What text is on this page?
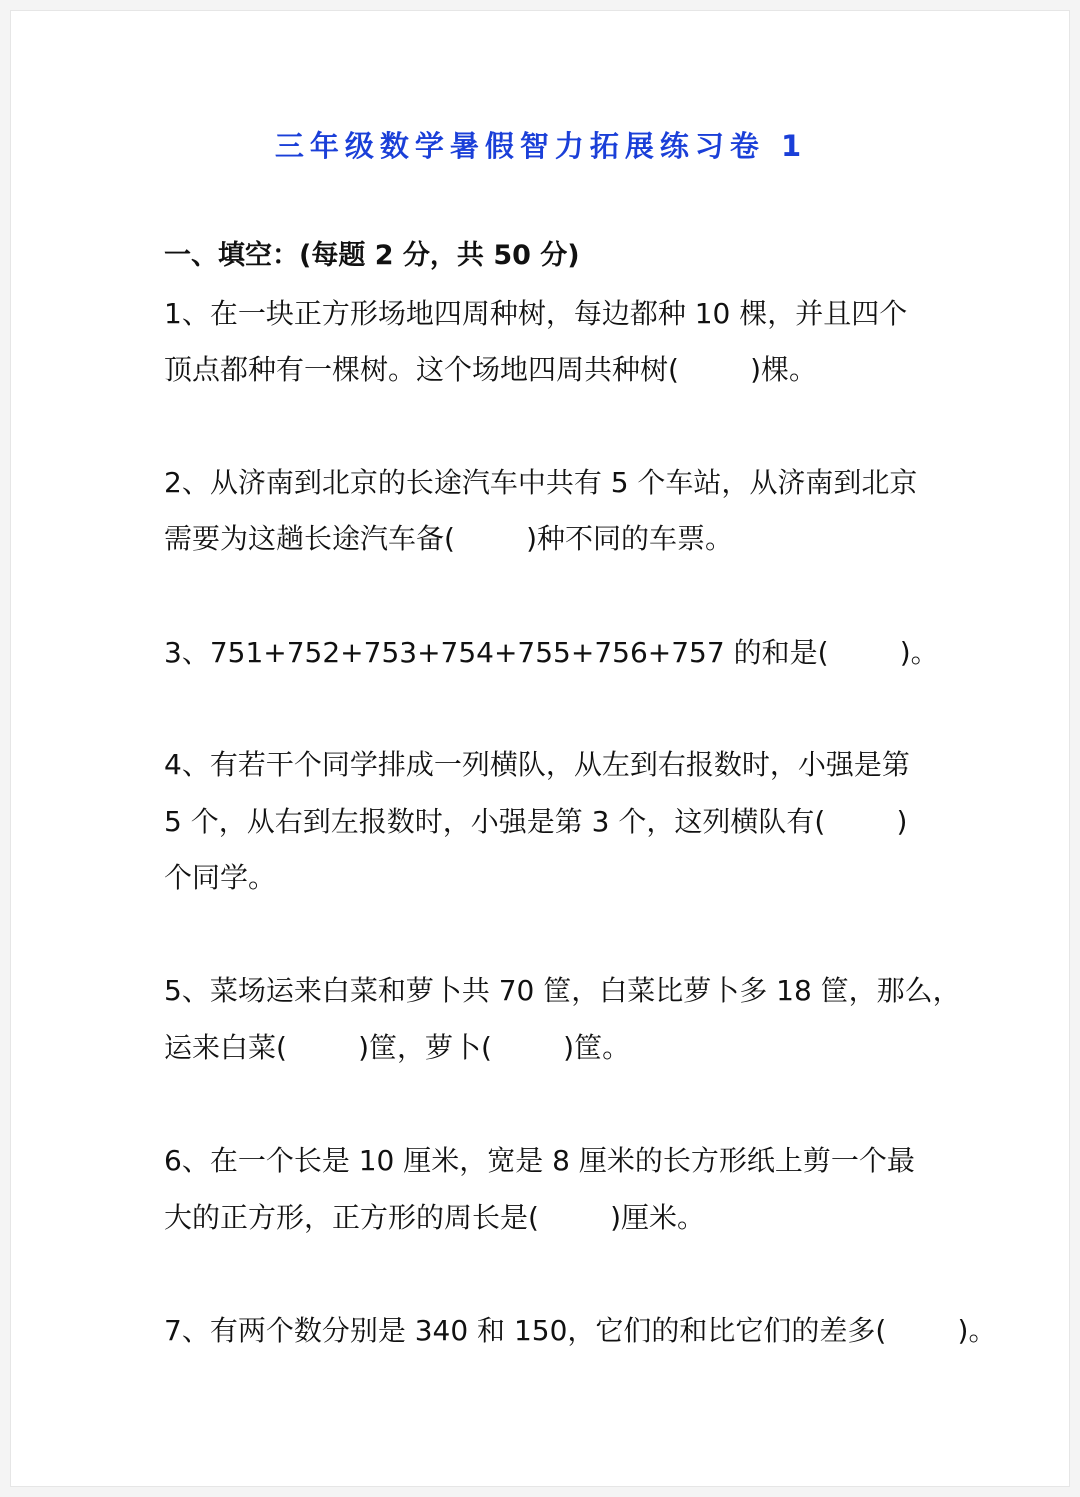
三年级数学暑假智力拓展练习卷 1
一、填空：(每题 2 分，共 50 分)
1、在一块正方形场地四周种树，每边都种 10 棵，并且四个
顶点都种有一棵树。这个场地四周共种树(        )棵。
2、从济南到北京的长途汽车中共有 5 个车站，从济南到北京
需要为这趟长途汽车备(        )种不同的车票。
3、751+752+753+754+755+756+757 的和是(        )。
4、有若干个同学排成一列横队，从左到右报数时，小强是第
5 个，从右到左报数时，小强是第 3 个，这列横队有(        )
个同学。
5、菜场运来白菜和萝卜共 70 筐，白菜比萝卜多 18 筐，那么，
运来白菜(        )筐，萝卜(        )筐。
6、在一个长是 10 厘米，宽是 8 厘米的长方形纸上剪一个最
大的正方形，正方形的周长是(        )厘米。
7、有两个数分别是 340 和 150，它们的和比它们的差多(        )。
